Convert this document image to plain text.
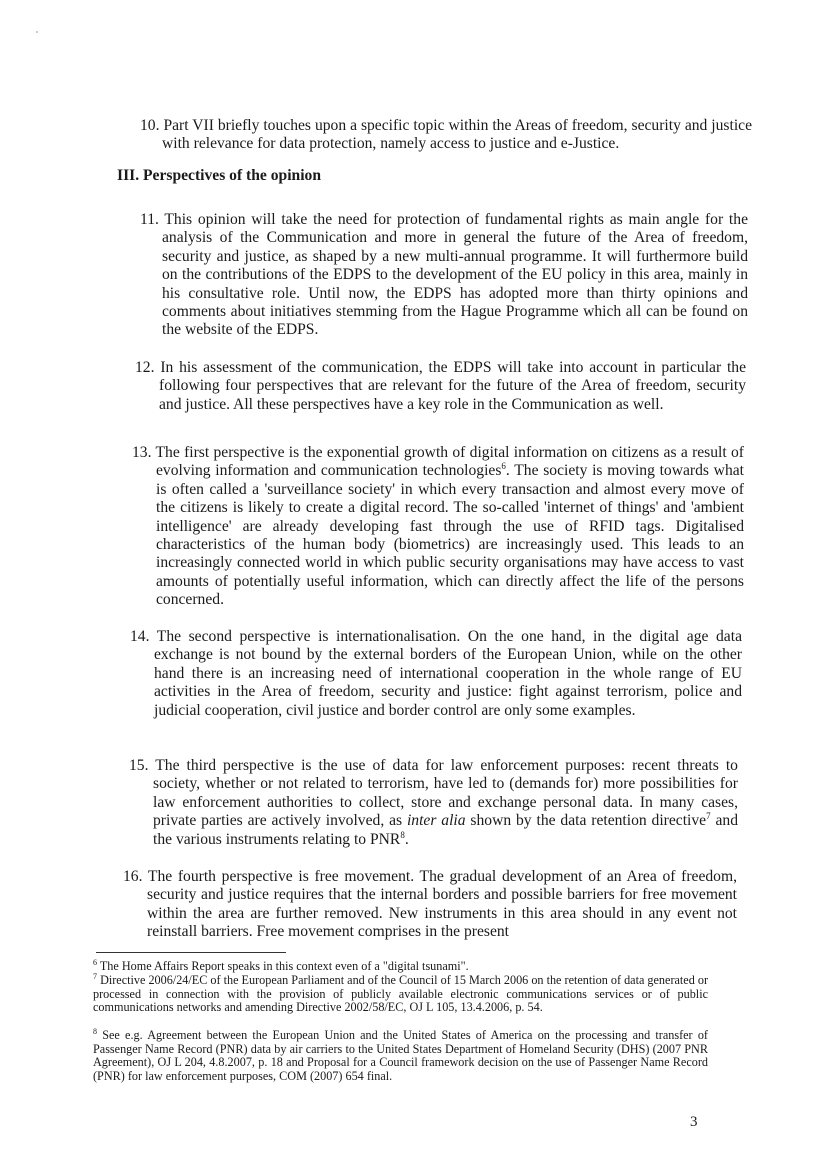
10. Part VII briefly touches upon a specific topic within the Areas of freedom, security and justice with relevance for data protection, namely access to justice and e-Justice.

III. Perspectives of the opinion

11. This opinion will take the need for protection of fundamental rights as main angle for the analysis of the Communication and more in general the future of the Area of freedom, security and justice, as shaped by a new multi-annual programme. It will furthermore build on the contributions of the EDPS to the development of the EU policy in this area, mainly in his consultative role. Until now, the EDPS has adopted more than thirty opinions and comments about initiatives stemming from the Hague Programme which all can be found on the website of the EDPS.

12. In his assessment of the communication, the EDPS will take into account in particular the following four perspectives that are relevant for the future of the Area of freedom, security and justice. All these perspectives have a key role in the Communication as well.

13. The first perspective is the exponential growth of digital information on citizens as a result of evolving information and communication technologies$^6$. The society is moving towards what is often called a 'surveillance society' in which every transaction and almost every move of the citizens is likely to create a digital record. The so-called 'internet of things' and 'ambient intelligence' are already developing fast through the use of RFID tags. Digitalised characteristics of the human body (biometrics) are increasingly used. This leads to an increasingly connected world in which public security organisations may have access to vast amounts of potentially useful information, which can directly affect the life of the persons concerned.

14. The second perspective is internationalisation. On the one hand, in the digital age data exchange is not bound by the external borders of the European Union, while on the other hand there is an increasing need of international cooperation in the whole range of EU activities in the Area of freedom, security and justice: fight against terrorism, police and judicial cooperation, civil justice and border control are only some examples.

15. The third perspective is the use of data for law enforcement purposes: recent threats to society, whether or not related to terrorism, have led to (demands for) more possibilities for law enforcement authorities to collect, store and exchange personal data. In many cases, private parties are actively involved, as inter alia shown by the data retention directive$^7$ and the various instruments relating to PNR$^8$.

16. The fourth perspective is free movement. The gradual development of an Area of freedom, security and justice requires that the internal borders and possible barriers for free movement within the area are further removed. New instruments in this area should in any event not reinstall barriers. Free movement comprises in the present

$^6$ The Home Affairs Report speaks in this context even of a "digital tsunami".

$^7$ Directive 2006/24/EC of the European Parliament and of the Council of 15 March 2006 on the retention of data generated or processed in connection with the provision of publicly available electronic communications services or of public communications networks and amending Directive 2002/58/EC, OJ L 105, 13.4.2006, p. 54.

$^8$ See e.g. Agreement between the European Union and the United States of America on the processing and transfer of Passenger Name Record (PNR) data by air carriers to the United States Department of Homeland Security (DHS) (2007 PNR Agreement), OJ L 204, 4.8.2007, p. 18 and Proposal for a Council framework decision on the use of Passenger Name Record (PNR) for law enforcement purposes, COM (2007) 654 final.

3
